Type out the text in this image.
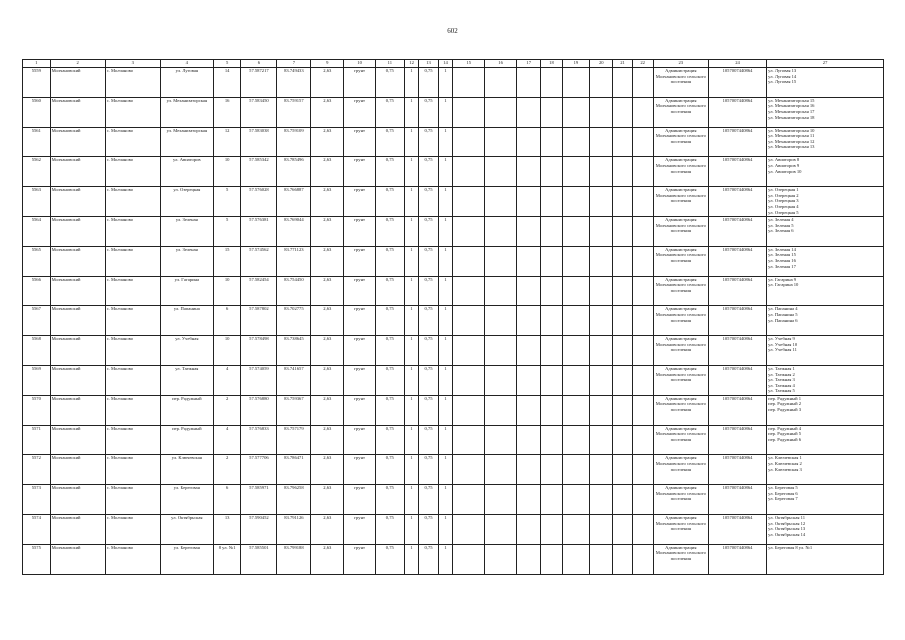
602
1	2	3	4	5	6	7	9	10	11	12	13	14	15	16	17	18	19	20	21	22	23	24	27
5559	Молчановский	с. Молчаново	ул. Луговая	14	57.587217	83.749433	2,63	грунт	0,75	1	0,75	1									Администрация Молчановского сельского поселения	1057007440864	ул. Луговая 13
ул. Луговая 14
ул. Луговая 15
5560	Молчановский	с. Молчаново	ул. Механизаторская	16	57.583450	83.759157	2,63	грунт	0,75	1	0,75	1									Администрация Молчановского сельского поселения	1057007440864	ул. Механизаторская 15
ул. Механизаторская 16
ул. Механизаторская 17
ул. Механизаторская 18
5561	Молчановский	с. Молчаново	ул. Механизаторская	12	57.583038	83.759109	2,63	грунт	0,75	1	0,75	1									Администрация Молчановского сельского поселения	1057007440864	ул. Механизаторская 10
ул. Механизаторская 11
ул. Механизаторская 12
ул. Механизаторская 13
5562	Молчановский	с. Молчаново	ул. Авиаторов	10	57.585342	83.785496	2,63	грунт	0,75	1	0,75	1									Администрация Молчановского сельского поселения	1057007440864	ул. Авиаторов 8
ул. Авиаторов 9
ул. Авиаторов 10
5563	Молчановский	с. Молчаново	ул. Озерецкая	5	57.576028	83.766887	2,63	грунт	0,75	1	0,75	1									Администрация Молчановского сельского поселения	1057007440864	ул. Озерецкая 1
ул. Озерецкая 2
ул. Озерецкая 3
ул. Озерецкая 4
ул. Озерецкая 5
5564	Молчановский	с. Молчаново	ул. Зеленая	5	57.576381	83.769044	2,63	грунт	0,75	1	0,75	1									Администрация Молчановского сельского поселения	1057007440864	ул. Зеленая 4
ул. Зеленая 5
ул. Зеленая 6
5565	Молчановский	с. Молчаново	ул. Зеленая	15	57.574562	83.771123	2,63	грунт	0,75	1	0,75	1									Администрация Молчановского сельского поселения	1057007440864	ул. Зеленая 14
ул. Зеленая 15
ул. Зеленая 16
ул. Зеленая 17
5566	Молчановский	с. Молчаново	ул. Гагарина	10	57.582454	83.754450	2,63	грунт	0,75	1	0,75	1									Администрация Молчановского сельского поселения	1057007440864	ул. Гагарина 9
ул. Гагарина 10
5567	Молчановский	с. Молчаново	ул. Папанина	6	57.587802	83.702775	2,63	грунт	0,75	1	0,75	1									Администрация Молчановского сельского поселения	1057007440864	ул. Папанина 4
ул. Папанина 5
ул. Папанина 6
5568	Молчановский	с. Молчаново	ул. Учебная	10	57.578498	83.738645	2,63	грунт	0,75	1	0,75	1									Администрация Молчановского сельского поселения	1057007440864	ул. Учебная 9
ул. Учебная 10
ул. Учебная 11
5569	Молчановский	с. Молчаново	ул. Таежная	4	57.574059	83.741657	2,63	грунт	0,75	1	0,75	1									Администрация Молчановского сельского поселения	1057007440864	ул. Таежная 1
ул. Таежная 2
ул. Таежная 3
ул. Таежная 4
ул. Таежная 5
5570	Молчановский	с. Молчаново	пер. Радужный	2	57.576880	83.759367	2,63	грунт	0,75	1	0,75	1									Администрация Молчановского сельского поселения	1057007440864	пер. Радужный 1
пер. Радужный 2
пер. Радужный 3
5571	Молчановский	с. Молчаново	пер. Радужный	4	57.576833	83.757179	2,63	грунт	0,75	1	0,75	1									Администрация Молчановского сельского поселения	1057007440864	пер. Радужный 4
пер. Радужный 5
пер. Радужный 6
5572	Молчановский	с. Молчаново	ул. Ключевская	2	57.577706	83.786471	2,63	грунт	0,75	1	0,75	1									Администрация Молчановского сельского поселения	1057007440864	ул. Ключевская 1
ул. Ключевская 2
ул. Ключевская 3
5573	Молчановский	с. Молчаново	ул. Береговая	6	57.585971	83.796258	2,63	грунт	0,75	1	0,75	1									Администрация Молчановского сельского поселения	1057007440864	ул. Береговая 5
ул. Береговая 6
ул. Береговая 7
5574	Молчановский	с. Молчаново	ул. Октябрьская	13	57.590452	83.791126	2,63	грунт	0,75	1	0,75	1									Администрация Молчановского сельского поселения	1057007440864	ул. Октябрьская 11
ул. Октябрьская 12
ул. Октябрьская 13
ул. Октябрьская 14
5575	Молчановский	с. Молчаново	ул. Береговая	8 ул. №1	57.585501	83.799188	2,63	грунт	0,75	1	0,75	1									Администрация Молчановского сельского поселения	1057007440864	ул. Береговая 8 ул. №1
